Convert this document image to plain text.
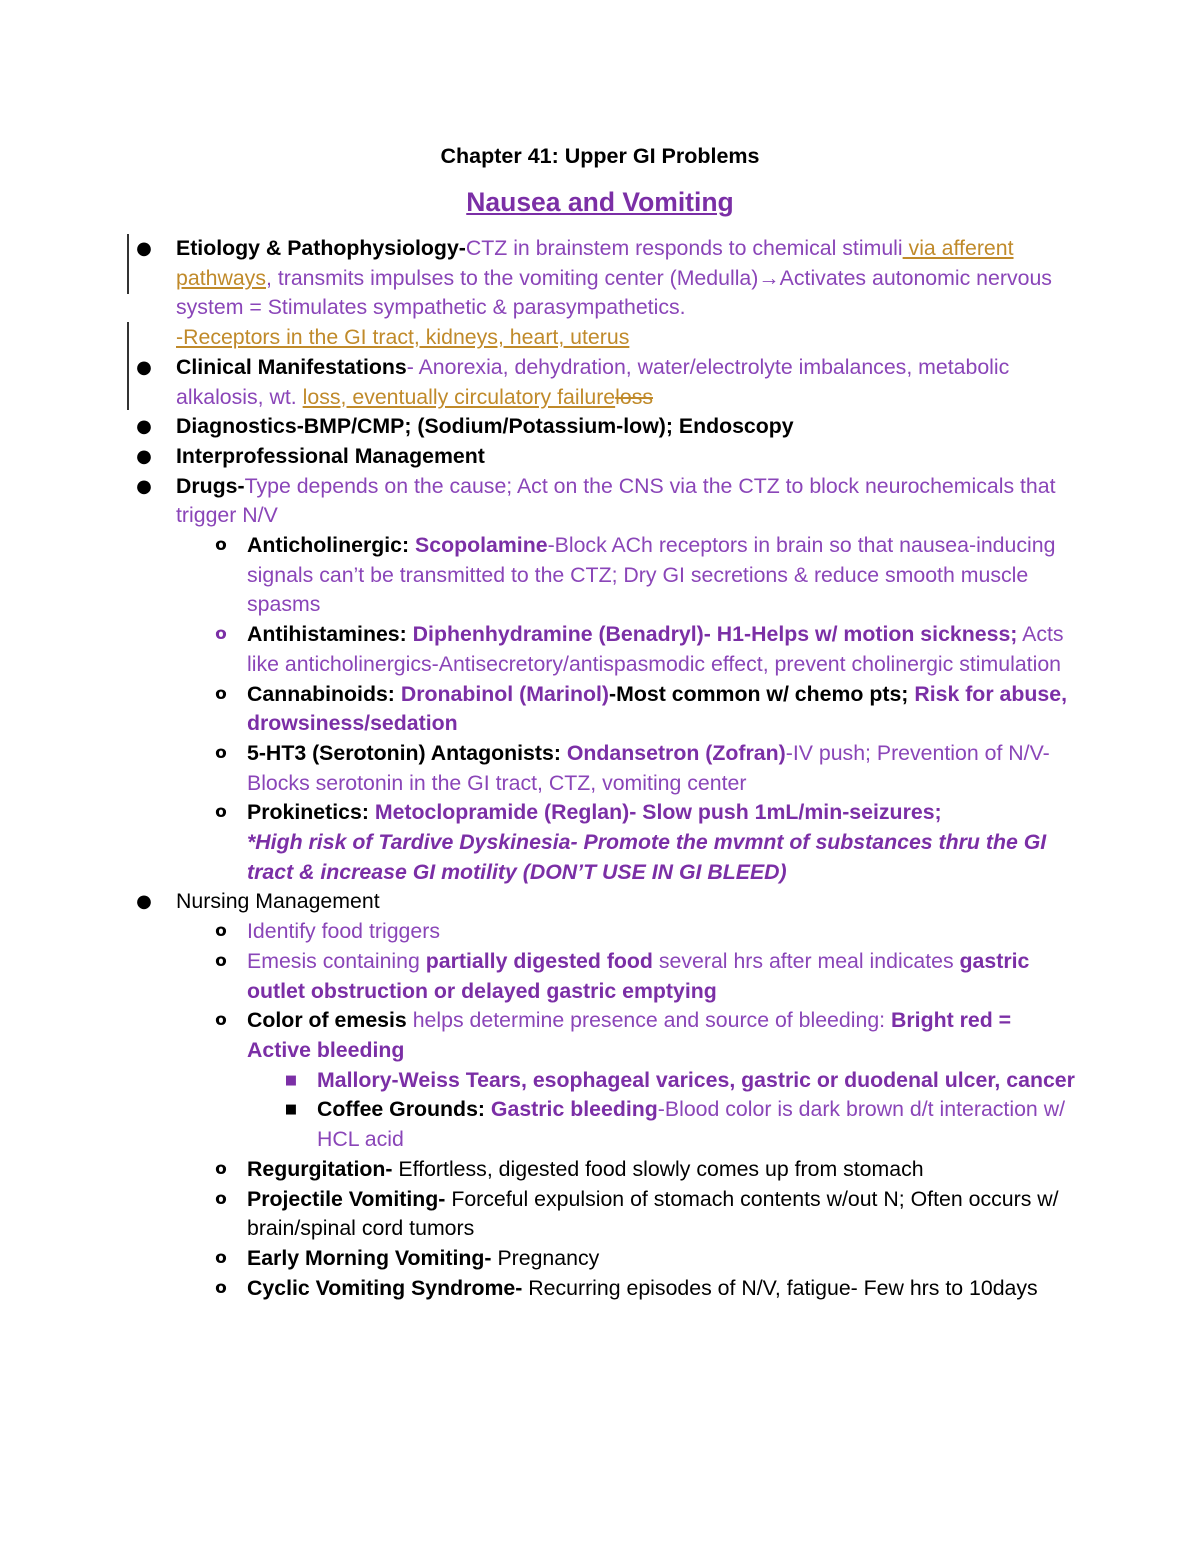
Chapter 41: Upper GI Problems
Nausea and Vomiting
● Etiology & Pathophysiology-CTZ in brainstem responds to chemical stimuli via afferent pathways, transmits impulses to the vomiting center (Medulla)→Activates autonomic nervous system = Stimulates sympathetic & parasympathetics.
-Receptors in the GI tract, kidneys, heart, uterus
● Clinical Manifestations- Anorexia, dehydration, water/electrolyte imbalances, metabolic alkalosis, wt. loss, eventually circulatory failureloss
● Diagnostics-BMP/CMP; (Sodium/Potassium-low); Endoscopy
● Interprofessional Management
● Drugs-Type depends on the cause; Act on the CNS via the CTZ to block neurochemicals that trigger N/V
o Anticholinergic: Scopolamine-Block ACh receptors in brain so that nausea-inducing signals can’t be transmitted to the CTZ; Dry GI secretions & reduce smooth muscle spasms
o Antihistamines: Diphenhydramine (Benadryl)- H1-Helps w/ motion sickness; Acts like anticholinergics-Antisecretory/antispasmodic effect, prevent cholinergic stimulation
o Cannabinoids: Dronabinol (Marinol)-Most common w/ chemo pts; Risk for abuse, drowsiness/sedation
o 5-HT3 (Serotonin) Antagonists: Ondansetron (Zofran)-IV push; Prevention of N/V-Blocks serotonin in the GI tract, CTZ, vomiting center
o Prokinetics: Metoclopramide (Reglan)- Slow push 1mL/min-seizures;
*High risk of Tardive Dyskinesia- Promote the mvmnt of substances thru the GI tract & increase GI motility (DON’T USE IN GI BLEED)
● Nursing Management
o Identify food triggers
o Emesis containing partially digested food several hrs after meal indicates gastric outlet obstruction or delayed gastric emptying
o Color of emesis helps determine presence and source of bleeding: Bright red = Active bleeding
■ Mallory-Weiss Tears, esophageal varices, gastric or duodenal ulcer, cancer
■ Coffee Grounds: Gastric bleeding-Blood color is dark brown d/t interaction w/ HCL acid
o Regurgitation- Effortless, digested food slowly comes up from stomach
o Projectile Vomiting- Forceful expulsion of stomach contents w/out N; Often occurs w/ brain/spinal cord tumors
o Early Morning Vomiting- Pregnancy
o Cyclic Vomiting Syndrome- Recurring episodes of N/V, fatigue- Few hrs to 10days
